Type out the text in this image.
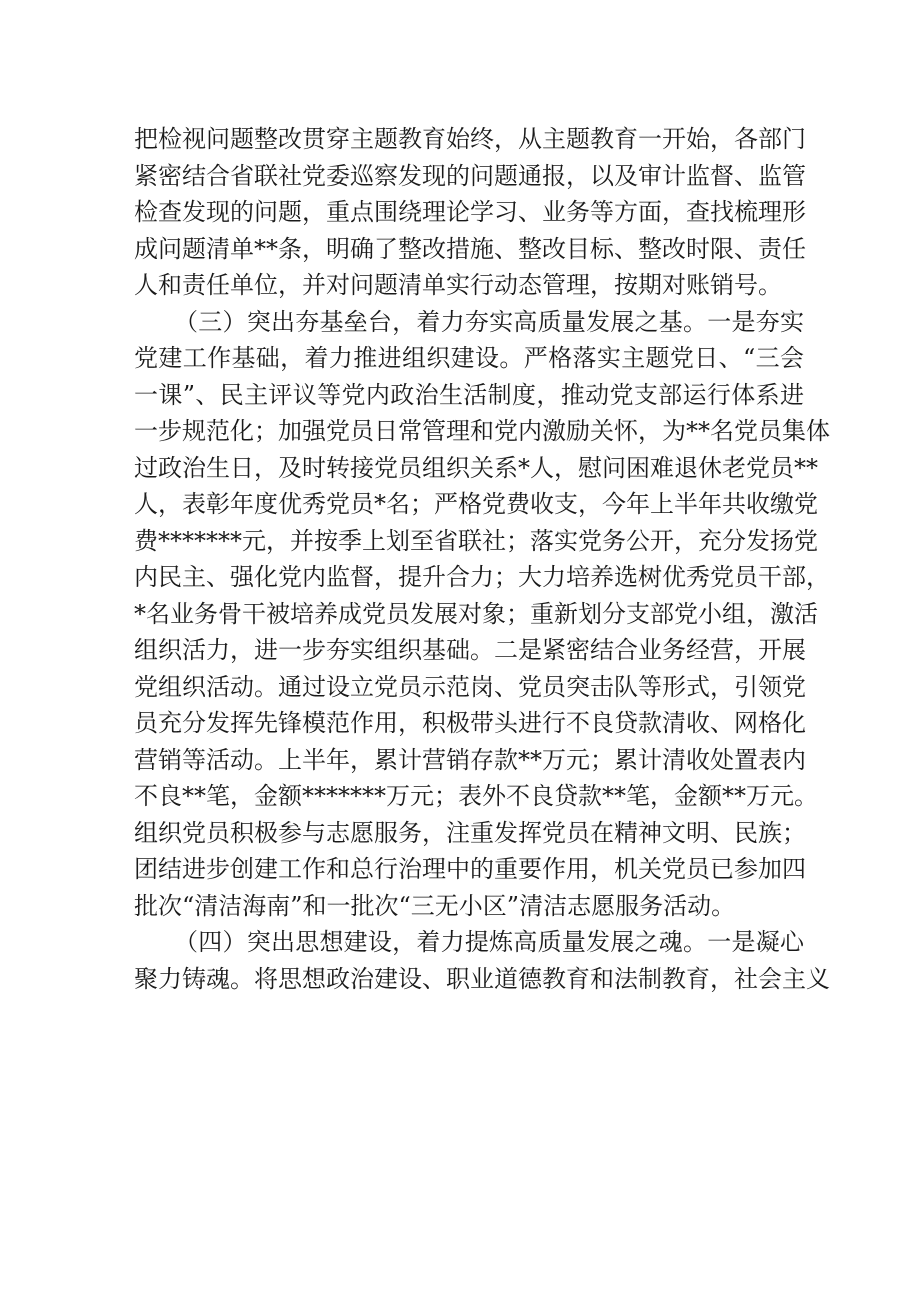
把检视问题整改贯穿主题教育始终，从主题教育一开始，各部门
紧密结合省联社党委巡察发现的问题通报，以及审计监督、监管
检查发现的问题，重点围绕理论学习、业务等方面，查找梳理形
成问题清单**条，明确了整改措施、整改目标、整改时限、责任
人和责任单位，并对问题清单实行动态管理，按期对账销号。
（三）突出夯基垒台，着力夯实高质量发展之基。一是夯实
党建工作基础，着力推进组织建设。严格落实主题党日、“三会
一课”、民主评议等党内政治生活制度，推动党支部运行体系进
一步规范化；加强党员日常管理和党内激励关怀，为**名党员集体
过政治生日，及时转接党员组织关系*人，慰问困难退休老党员**
人，表彰年度优秀党员*名；严格党费收支，今年上半年共收缴党
费*******元，并按季上划至省联社；落实党务公开，充分发扬党
内民主、强化党内监督，提升合力；大力培养选树优秀党员干部，
*名业务骨干被培养成党员发展对象；重新划分支部党小组，激活
组织活力，进一步夯实组织基础。二是紧密结合业务经营，开展
党组织活动。通过设立党员示范岗、党员突击队等形式，引领党
员充分发挥先锋模范作用，积极带头进行不良贷款清收、网格化
营销等活动。上半年，累计营销存款**万元；累计清收处置表内
不良**笔，金额*******万元；表外不良贷款**笔，金额**万元。
组织党员积极参与志愿服务，注重发挥党员在精神文明、民族；
团结进步创建工作和总行治理中的重要作用，机关党员已参加四
批次“清洁海南”和一批次“三无小区”清洁志愿服务活动。
（四）突出思想建设，着力提炼高质量发展之魂。一是凝心
聚力铸魂。将思想政治建设、职业道德教育和法制教育，社会主义
